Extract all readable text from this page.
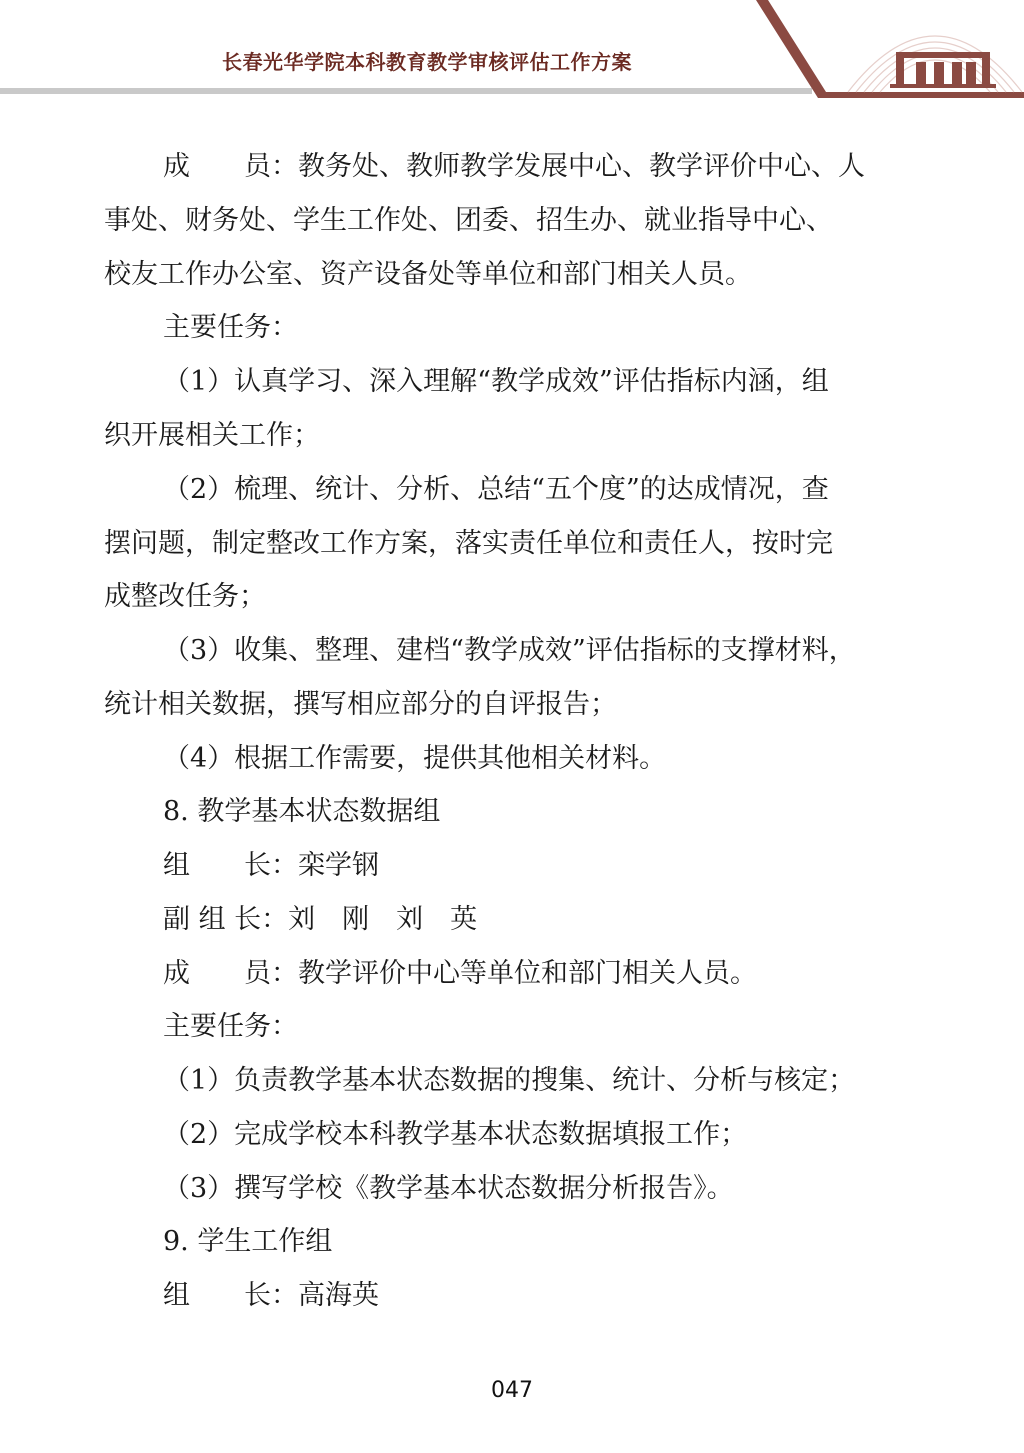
长春光华学院本科教育教学审核评估工作方案
成　　员：教务处、教师教学发展中心、教学评价中心、人
事处、财务处、学生工作处、团委、招生办、就业指导中心、
校友工作办公室、资产设备处等单位和部门相关人员。
主要任务：
（1）认真学习、深入理解“教学成效”评估指标内涵，组
织开展相关工作；
（2）梳理、统计、分析、总结“五个度”的达成情况，查
摆问题，制定整改工作方案，落实责任单位和责任人，按时完
成整改任务；
（3）收集、整理、建档“教学成效”评估指标的支撑材料，
统计相关数据，撰写相应部分的自评报告；
（4）根据工作需要，提供其他相关材料。
8. 教学基本状态数据组
组　　长：栾学钢
副 组 长：刘　刚　刘　英
成　　员：教学评价中心等单位和部门相关人员。
主要任务：
（1）负责教学基本状态数据的搜集、统计、分析与核定；
（2）完成学校本科教学基本状态数据填报工作；
（3）撰写学校《教学基本状态数据分析报告》。
9. 学生工作组
组　　长：高海英
047
